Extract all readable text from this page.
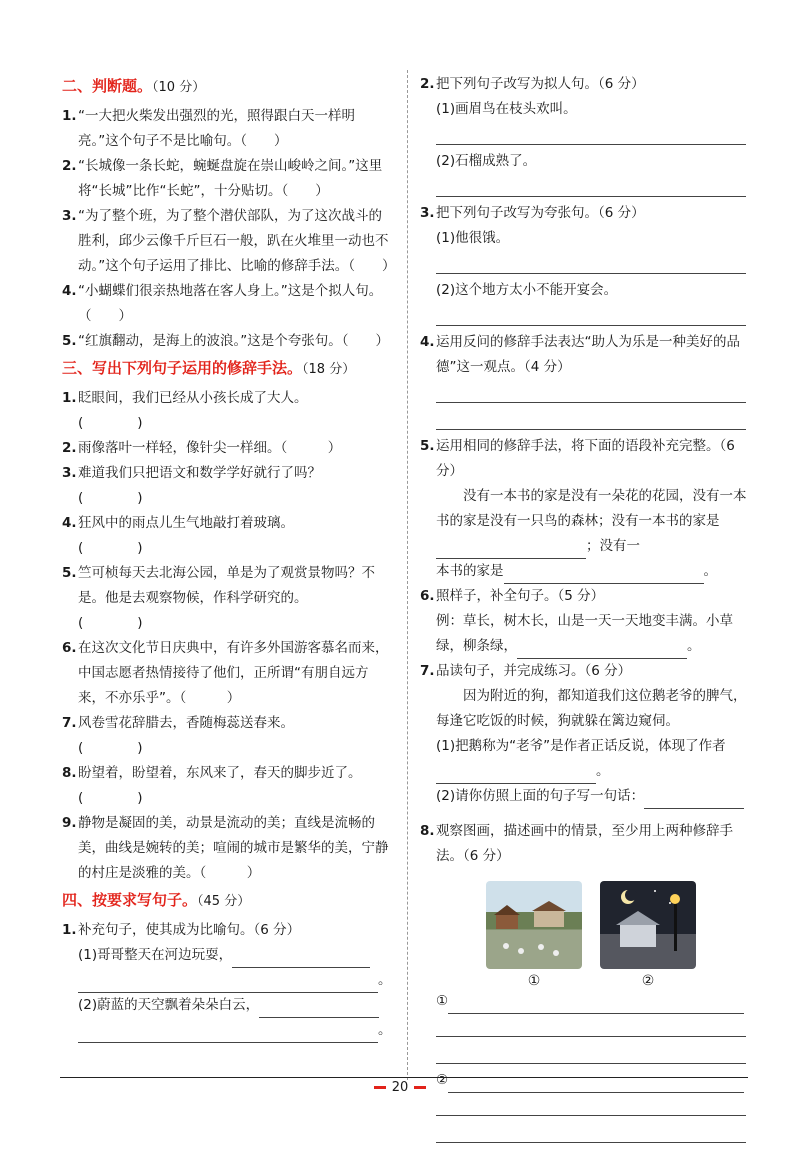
二、判断题。（10 分）
1. “一大把火柴发出强烈的光，照得跟白天一样明亮。”这个句子不是比喻句。（　　）

2. “长城像一条长蛇，蜿蜒盘旋在崇山峻岭之间。”这里将“长城”比作“长蛇”，十分贴切。（　　）

3. “为了整个班，为了整个潜伏部队，为了这次战斗的胜利，邱少云像千斤巨石一般，趴在火堆里一动也不动。”这个句子运用了排比、比喻的修辞手法。（　　）

4. “小蝴蝶们很亲热地落在客人身上。”这是个拟人句。（　　）

5. “红旗翻动，是海上的波浪。”这是个夸张句。（　　）

三、写出下列句子运用的修辞手法。（18 分）
1. 眨眼间，我们已经从小孩长成了大人。

(　　　　)

2. 雨像落叶一样轻，像针尖一样细。（　　　）

3. 难道我们只把语文和数学学好就行了吗？

(　　　　)

4. 狂风中的雨点儿生气地敲打着玻璃。

(　　　　)

5. 竺可桢每天去北海公园，单是为了观赏景物吗？不是。他是去观察物候，作科学研究的。

(　　　　)

6. 在这次文化节日庆典中，有许多外国游客慕名而来，中国志愿者热情接待了他们，正所谓“有朋自远方来，不亦乐乎”。（　　　）

7. 风卷雪花辞腊去，香随梅蕊送春来。

(　　　　)

8. 盼望着，盼望着，东风来了，春天的脚步近了。

(　　　　)

9. 静物是凝固的美，动景是流动的美；直线是流畅的美，曲线是婉转的美；喧闹的城市是繁华的美，宁静的村庄是淡雅的美。（　　　）

四、按要求写句子。（45 分）
1. 补充句子，使其成为比喻句。（6 分）

(1)哥哥整天在河边玩耍，
。
(2)蔚蓝的天空飘着朵朵白云，
。
2. 把下列句子改写为拟人句。（6 分）

(1)画眉鸟在枝头欢叫。
(2)石榴成熟了。
3. 把下列句子改写为夸张句。（6 分）

(1)他很饿。
(2)这个地方太小不能开宴会。
4. 运用反问的修辞手法表达“助人为乐是一种美好的品德”这一观点。（4 分）

5. 运用相同的修辞手法，将下面的语段补充完整。（6 分）

没有一本书的家是没有一朵花的花园，没有一本书的家是没有一只鸟的森林；没有一本书的家是；没有一
本书的家是	。
6. 照样子，补全句子。（5 分）

例：草长，树木长，山是一天一天地变丰满。小草绿，柳条绿，	。
7. 品读句子，并完成练习。（6 分）

因为附近的狗，都知道我们这位鹅老爷的脾气，每逢它吃饭的时候，狗就躲在篱边窥伺。
(1)把鹅称为“老爷”是作者正话反说，体现了作者。
(2)请你仿照上面的句子写一句话：
8. 观察图画，描述画中的情景，至少用上两种修辞手法。（6 分）

①	②
①
②
20
